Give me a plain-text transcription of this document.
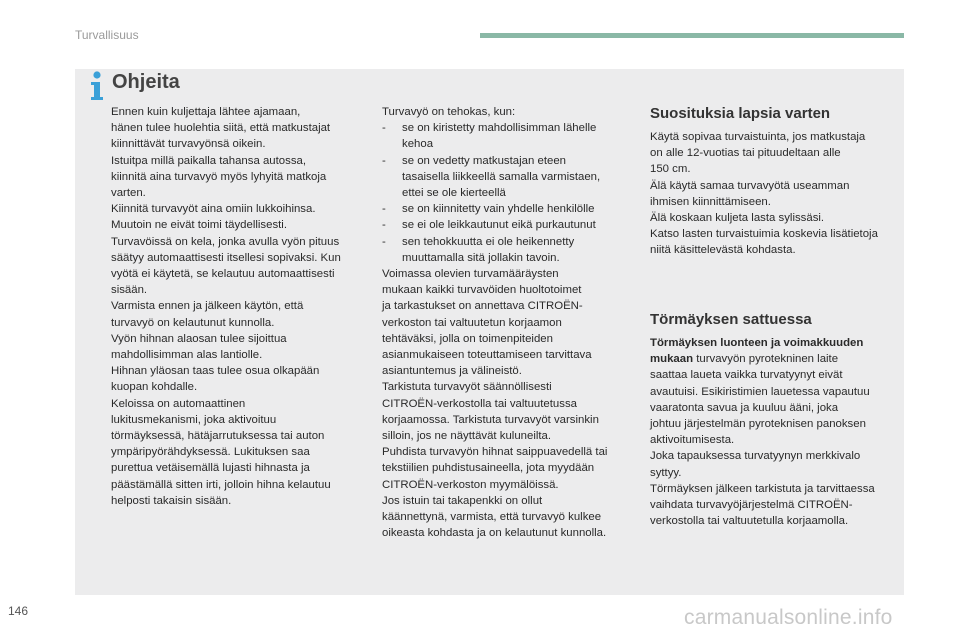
Turvallisuus
Ohjeita
Ennen kuin kuljettaja lähtee ajamaan,
hänen tulee huolehtia siitä, että matkustajat
kiinnittävät turvavyönsä oikein.
Istuitpa millä paikalla tahansa autossa,
kiinnitä aina turvavyö myös lyhyitä matkoja
varten.
Kiinnitä turvavyöt aina omiin lukkoihinsa.
Muutoin ne eivät toimi täydellisesti.
Turvavöissä on kela, jonka avulla vyön pituus
säätyy automaattisesti itsellesi sopivaksi. Kun
vyötä ei käytetä, se kelautuu automaattisesti
sisään.
Varmista ennen ja jälkeen käytön, että
turvavyö on kelautunut kunnolla.
Vyön hihnan alaosan tulee sijoittua
mahdollisimman alas lantiolle.
Hihnan yläosan taas tulee osua olkapään
kuopan kohdalle.
Keloissa on automaattinen
lukitusmekanismi, joka aktivoituu
törmäyksessä, hätäjarrutuksessa tai auton
ympäripyörähdyksessä. Lukituksen saa
purettua vetäisemällä lujasti hihnasta ja
päästämällä sitten irti, jolloin hihna kelautuu
helposti takaisin sisään.
Turvavyö on tehokas, kun:
- se on kiristetty mahdollisimman lähelle
kehoa
- se on vedetty matkustajan eteen
tasaisella liikkeellä samalla varmistaen,
ettei se ole kierteellä
- se on kiinnitetty vain yhdelle henkilölle
- se ei ole leikkautunut eikä purkautunut
- sen tehokkuutta ei ole heikennetty
muuttamalla sitä jollakin tavoin.
Voimassa olevien turvamääräysten
mukaan kaikki turvavöiden huoltotoimet
ja tarkastukset on annettava CITROËN-
verkoston tai valtuutetun korjaamon
tehtäväksi, jolla on toimenpiteiden
asianmukaiseen toteuttamiseen tarvittava
asiantuntemus ja välineistö.
Tarkistuta turvavyöt säännöllisesti
CITROËN-verkostolla tai valtuutetussa
korjaamossa. Tarkistuta turvavyöt varsinkin
silloin, jos ne näyttävät kuluneilta.
Puhdista turvavyön hihnat saippuavedellä tai
tekstiilien puhdistusaineella, jota myydään
CITROËN-verkoston myymälöissä.
Jos istuin tai takapenkki on ollut
käännettynä, varmista, että turvavyö kulkee
oikeasta kohdasta ja on kelautunut kunnolla.
Suosituksia lapsia varten
Käytä sopivaa turvaistuinta, jos matkustaja
on alle 12-vuotias tai pituudeltaan alle
150 cm.
Älä käytä samaa turvavyötä useamman
ihmisen kiinnittämiseen.
Älä koskaan kuljeta lasta sylissäsi.
Katso lasten turvaistuimia koskevia lisätietoja
niitä käsittelevästä kohdasta.
Törmäyksen sattuessa
Törmäyksen luonteen ja voimakkuuden
mukaan turvavyön pyrotekninen laite
saattaa laueta vaikka turvatyynyt eivät
avautuisi. Esikiristimien lauetessa vapautuu
vaaratonta savua ja kuuluu ääni, joka
johtuu järjestelmän pyroteknisen panoksen
aktivoitumisesta.
Joka tapauksessa turvatyynyn merkkivalo
syttyy.
Törmäyksen jälkeen tarkistuta ja tarvittaessa
vaihdata turvavyöjärjestelmä CITROËN-
verkostolla tai valtuutetulla korjaamolla.
146	carmanualsonline.info
